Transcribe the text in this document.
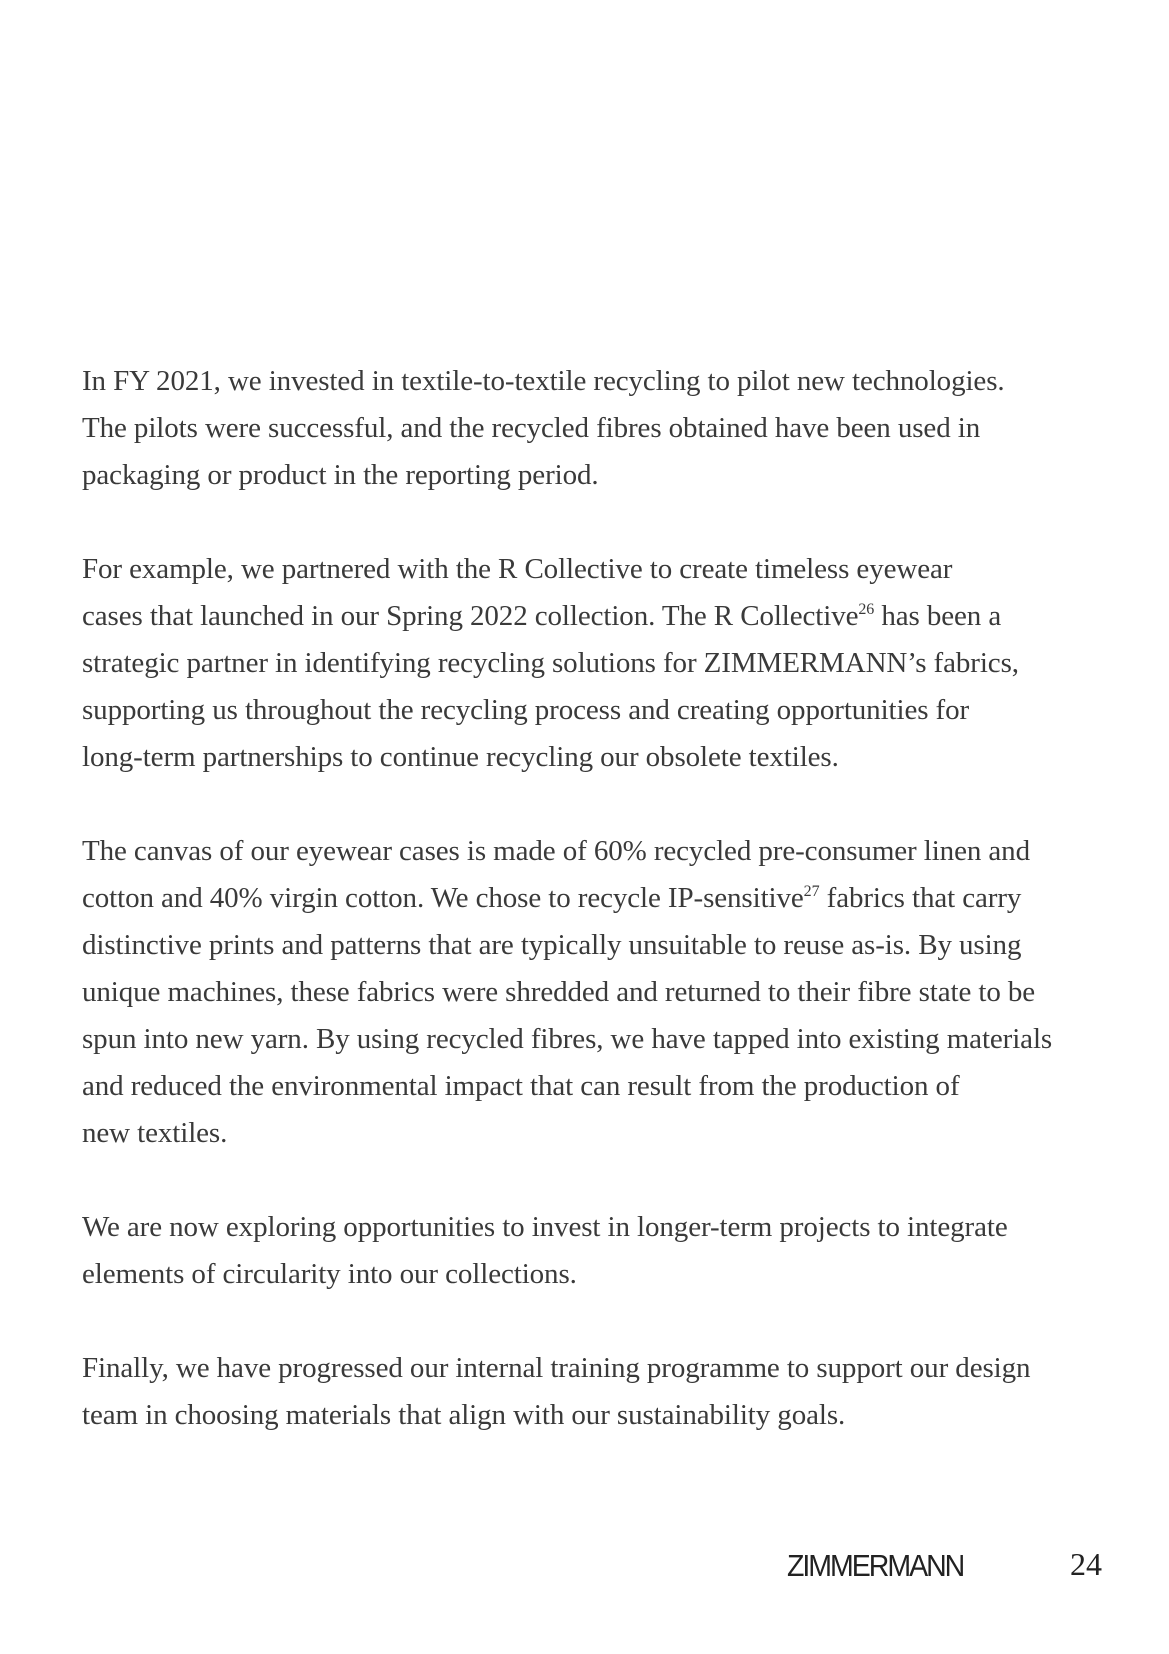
In FY 2021, we invested in textile-to-textile recycling to pilot new technologies.
The pilots were successful, and the recycled fibres obtained have been used in
packaging or product in the reporting period.

For example, we partnered with the R Collective to create timeless eyewear
cases that launched in our Spring 2022 collection. The R Collective$^{26}$ has been a
strategic partner in identifying recycling solutions for ZIMMERMANN’s fabrics,
supporting us throughout the recycling process and creating opportunities for
long-term partnerships to continue recycling our obsolete textiles.

The canvas of our eyewear cases is made of 60% recycled pre-consumer linen and
cotton and 40% virgin cotton. We chose to recycle IP-sensitive$^{27}$ fabrics that carry
distinctive prints and patterns that are typically unsuitable to reuse as-is. By using
unique machines, these fabrics were shredded and returned to their fibre state to be
spun into new yarn. By using recycled fibres, we have tapped into existing materials
and reduced the environmental impact that can result from the production of
new textiles.

We are now exploring opportunities to invest in longer-term projects to integrate
elements of circularity into our collections.

Finally, we have progressed our internal training programme to support our design
team in choosing materials that align with our sustainability goals.

ZIMMERMANN	24
